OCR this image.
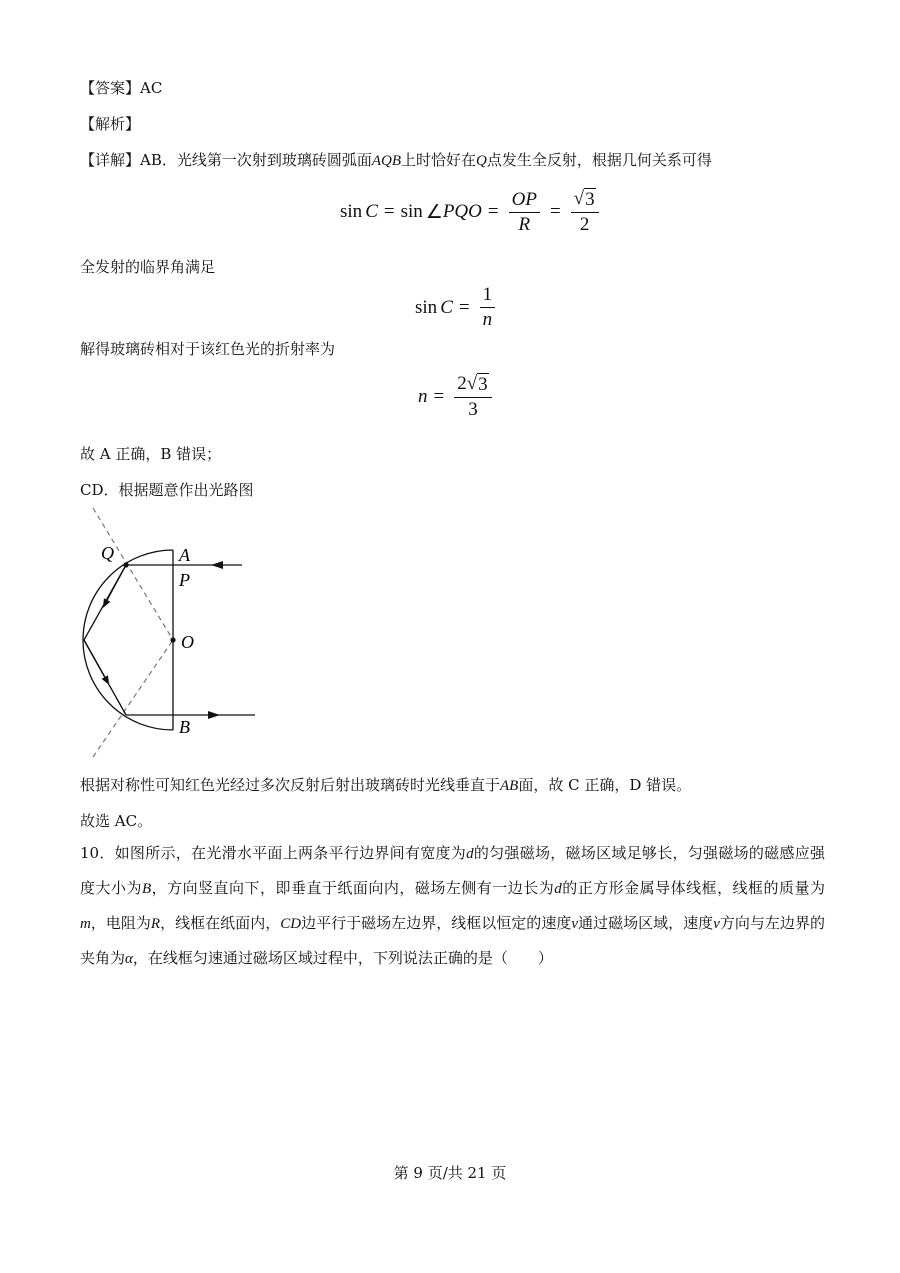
【答案】AC
【解析】
【详解】AB．光线第一次射到玻璃砖圆弧面AQB上时恰好在Q点发生全反射，根据几何关系可得
sin C = sin ∠ PQO = $\frac{OP}{R} = \frac{√ 3}{2}$
全发射的临界角满足
$\sin C = \frac{1}{n}$
解得玻璃砖相对于该红色光的折射率为
$n = \frac{2 √ 3}{3}$
故 A 正确，B 错误；
CD．根据题意作出光路图
Q	A
P
O
B
根据对称性可知红色光经过多次反射后射出玻璃砖时光线垂直于AB面，故 C 正确，D 错误。
故选 AC。
10．如图所示，在光滑水平面上两条平行边界间有宽度为d的匀强磁场，磁场区域足够长，匀强磁场的磁感应强度大小为B，方向竖直向下，即垂直于纸面向内，磁场左侧有一边长为d的正方形金属导体线框，线框的质量为m，电阻为R，线框在纸面内，CD边平行于磁场左边界，线框以恒定的速度v通过磁场区域，速度v方向与左边界的夹角为α，在线框匀速通过磁场区域过程中，下列说法正确的是（　　）
第 9 页/共 21 页
